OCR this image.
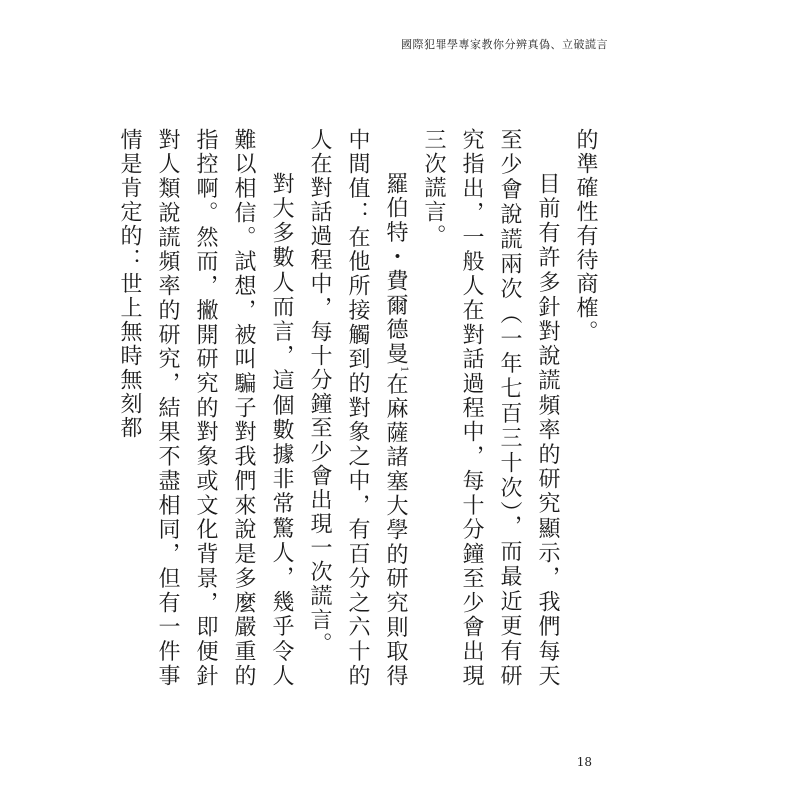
國際犯罪學專家教你分辨真偽、立破謊言

的準確性有待商榷。

目前有許多針對說謊頻率的研究顯示，我們每天至少會說謊兩次（一年七百三十次），而最近更有研究指出，一般人在對話過程中，每十分鐘至少會出現三次謊言。

羅伯特・費爾德曼$^1$在麻薩諸塞大學的研究則取得中間值：在他所接觸到的對象之中，有百分之六十的人在對話過程中，每十分鐘至少會出現一次謊言。

對大多數人而言，這個數據非常驚人，幾乎令人難以相信。試想，被叫騙子對我們來說是多麼嚴重的指控啊。然而，撇開研究的對象或文化背景，即便針對人類說謊頻率的研究，結果不盡相同，但有一件事情是肯定的：世上無時無刻都

18
